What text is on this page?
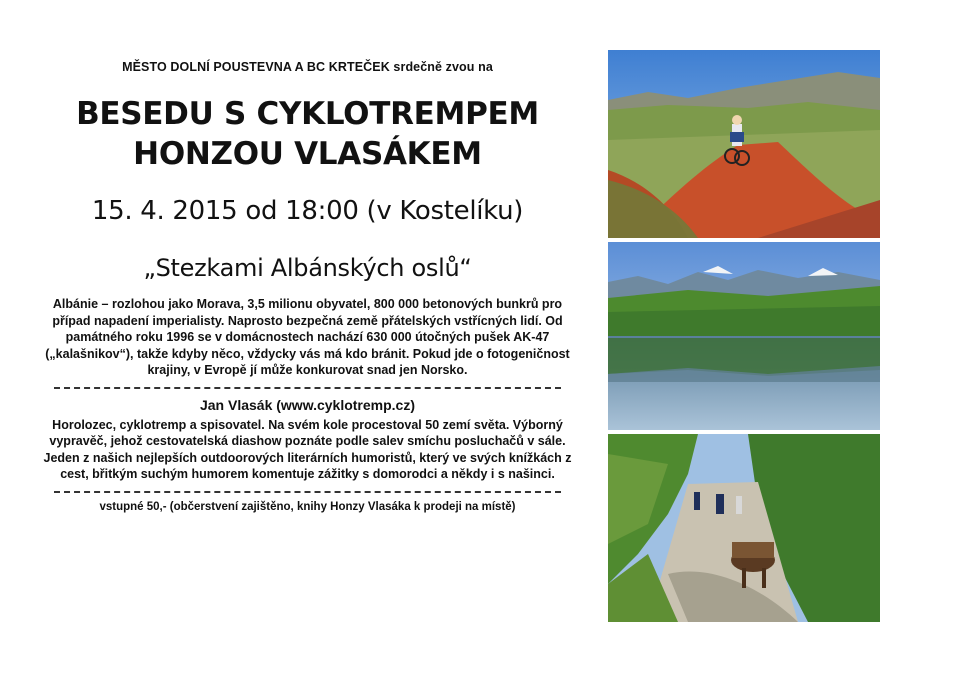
MĚSTO DOLNÍ POUSTEVNA A BC KRTEČEK srdečně zvou na

BESEDU S CYKLOTREMPEM
HONZOU VLASÁKEM

15. 4. 2015 od 18:00 (v Kostelíku)

„Stezkami Albánských oslů“

Albánie – rozlohou jako Morava, 3,5 milionu obyvatel, 800 000 betonových bunkrů pro případ napadení imperialisty. Naprosto bezpečná země přátelských vstřícných lidí. Od památného roku 1996 se v domácnostech nachází 630 000 útočných pušek AK-47 („kalašnikov“), takže kdyby něco, vždycky vás má kdo bránit. Pokud jde o fotogeničnost krajiny, v Evropě jí může konkurovat snad jen Norsko.

Jan Vlasák (www.cyklotremp.cz)

Horolozec, cyklotremp a spisovatel. Na svém kole procestoval 50 zemí světa. Výborný vypravěč, jehož cestovatelská diashow poznáte podle salev smíchu posluchačů v sále. Jeden z našich nejlepších outdoorových literárních humoristů, který ve svých knížkách z cest, břitkým suchým humorem komentuje zážitky s domorodci a někdy i s našinci.

vstupné 50,- (občerstvení zajištěno, knihy Honzy Vlasáka k prodeji na místě)
